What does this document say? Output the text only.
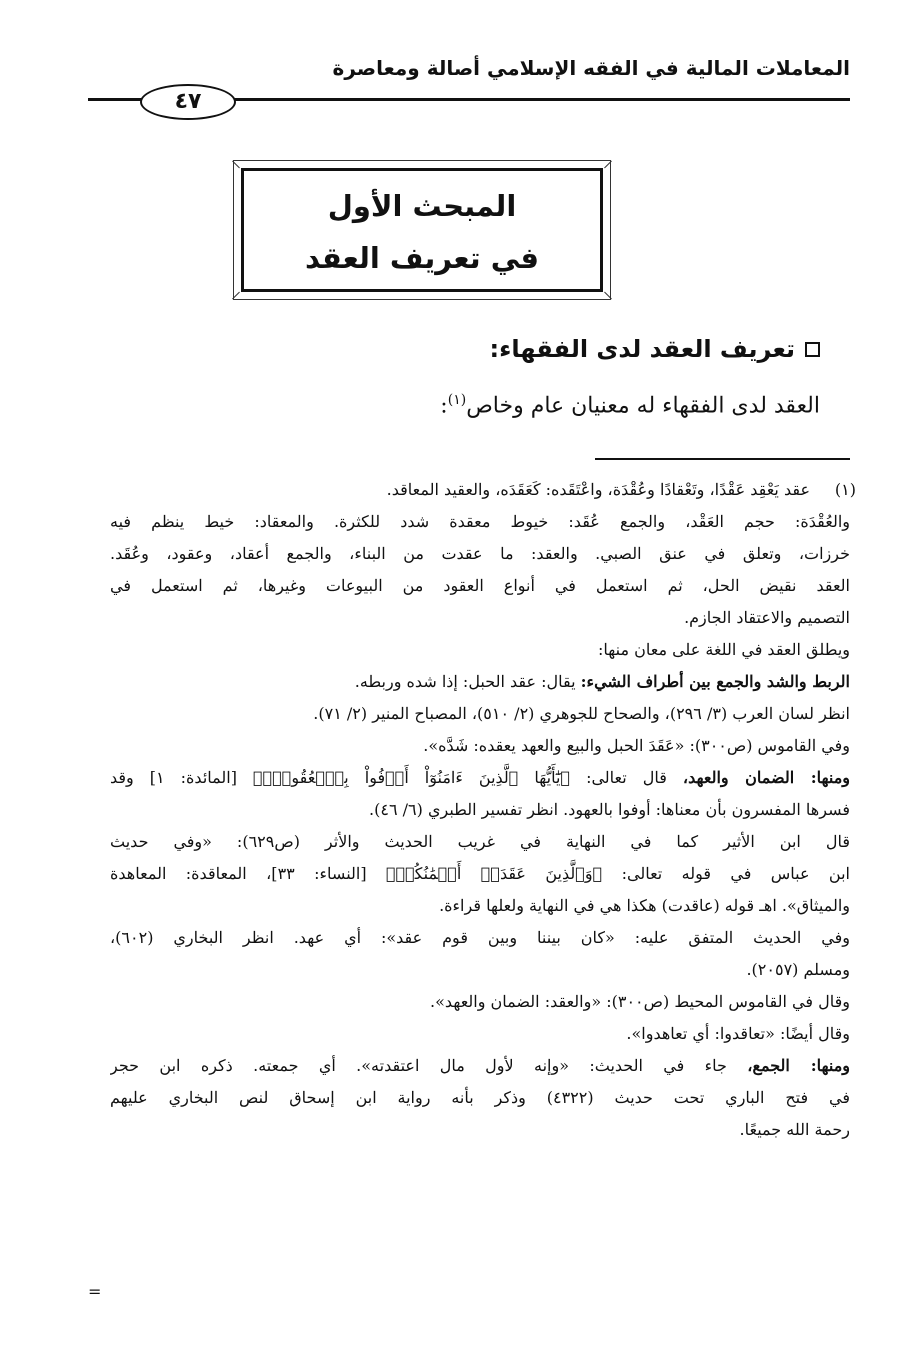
المعاملات المالية في الفقه الإسلامي أصالة ومعاصرة
٤٧
المبحث الأول
في تعريف العقد
تعريف العقد لدى الفقهاء:
العقد لدى الفقهاء له معنيان عام وخاص$^{(١)}$:
(١)
عقد يَعْقِد عَقْدًا، وتَعْقادًا وعُقْدَة، واعْتَقَده: كَعَقَدَه، والعقيد المعاقد.
والعُقْدَة: حجم العَقْد، والجمع عُقَد: خيوط معقدة شدد للكثرة. والمعقاد: خيط ينظم فيه
خرزات، وتعلق في عنق الصبي. والعقد: ما عقدت من البناء، والجمع أعقاد، وعقود، وعُقَد.
العقد نقيض الحل، ثم استعمل في أنواع العقود من البيوعات وغيرها، ثم استعمل في
التصميم والاعتقاد الجازم.
ويطلق العقد في اللغة على معان منها:
الربط والشد والجمع بين أطراف الشيء: يقال: عقد الحبل: إذا شده وربطه.
انظر لسان العرب (٣/ ٢٩٦)، والصحاح للجوهري (٢/ ٥١٠)، المصباح المنير (٢/ ٧١).
وفي القاموس (ص٣٠٠): «عَقَدَ الحبل والبيع والعهد يعقده: شَدَّه».
ومنها: الضمان والعهد، قال تعالى: ﴿يَٰٓأَيُّهَا ٱلَّذِينَ ءَامَنُوٓاْ أَوۡفُواْ بِٱلۡعُقُودِۚ﴾ [المائدة: ١] وقد
فسرها المفسرون بأن معناها: أوفوا بالعهود. انظر تفسير الطبري (٦/ ٤٦).
قال ابن الأثير كما في النهاية في غريب الحديث والأثر (ص٦٢٩): «وفي حديث
ابن عباس في قوله تعالى: ﴿وَٱلَّذِينَ عَقَدَتۡ أَيۡمَٰنُكُمۡ﴾ [النساء: ٣٣]، المعاقدة: المعاهدة
والميثاق». اهـ قوله (عاقدت) هكذا هي في النهاية ولعلها قراءة.
وفي الحديث المتفق عليه: «كان بيننا وبين قوم عقد»: أي عهد. انظر البخاري (٦٠٢)،
ومسلم (٢٠٥٧).
وقال في القاموس المحيط (ص٣٠٠): «والعقد: الضمان والعهد».
وقال أيضًا: «تعاقدوا: أي تعاهدوا».
ومنها: الجمع، جاء في الحديث: «وإنه لأول مال اعتقدته». أي جمعته. ذكره ابن حجر
في فتح الباري تحت حديث (٤٣٢٢) وذكر بأنه رواية ابن إسحاق لنص البخاري عليهم
رحمة الله جميعًا.
=
